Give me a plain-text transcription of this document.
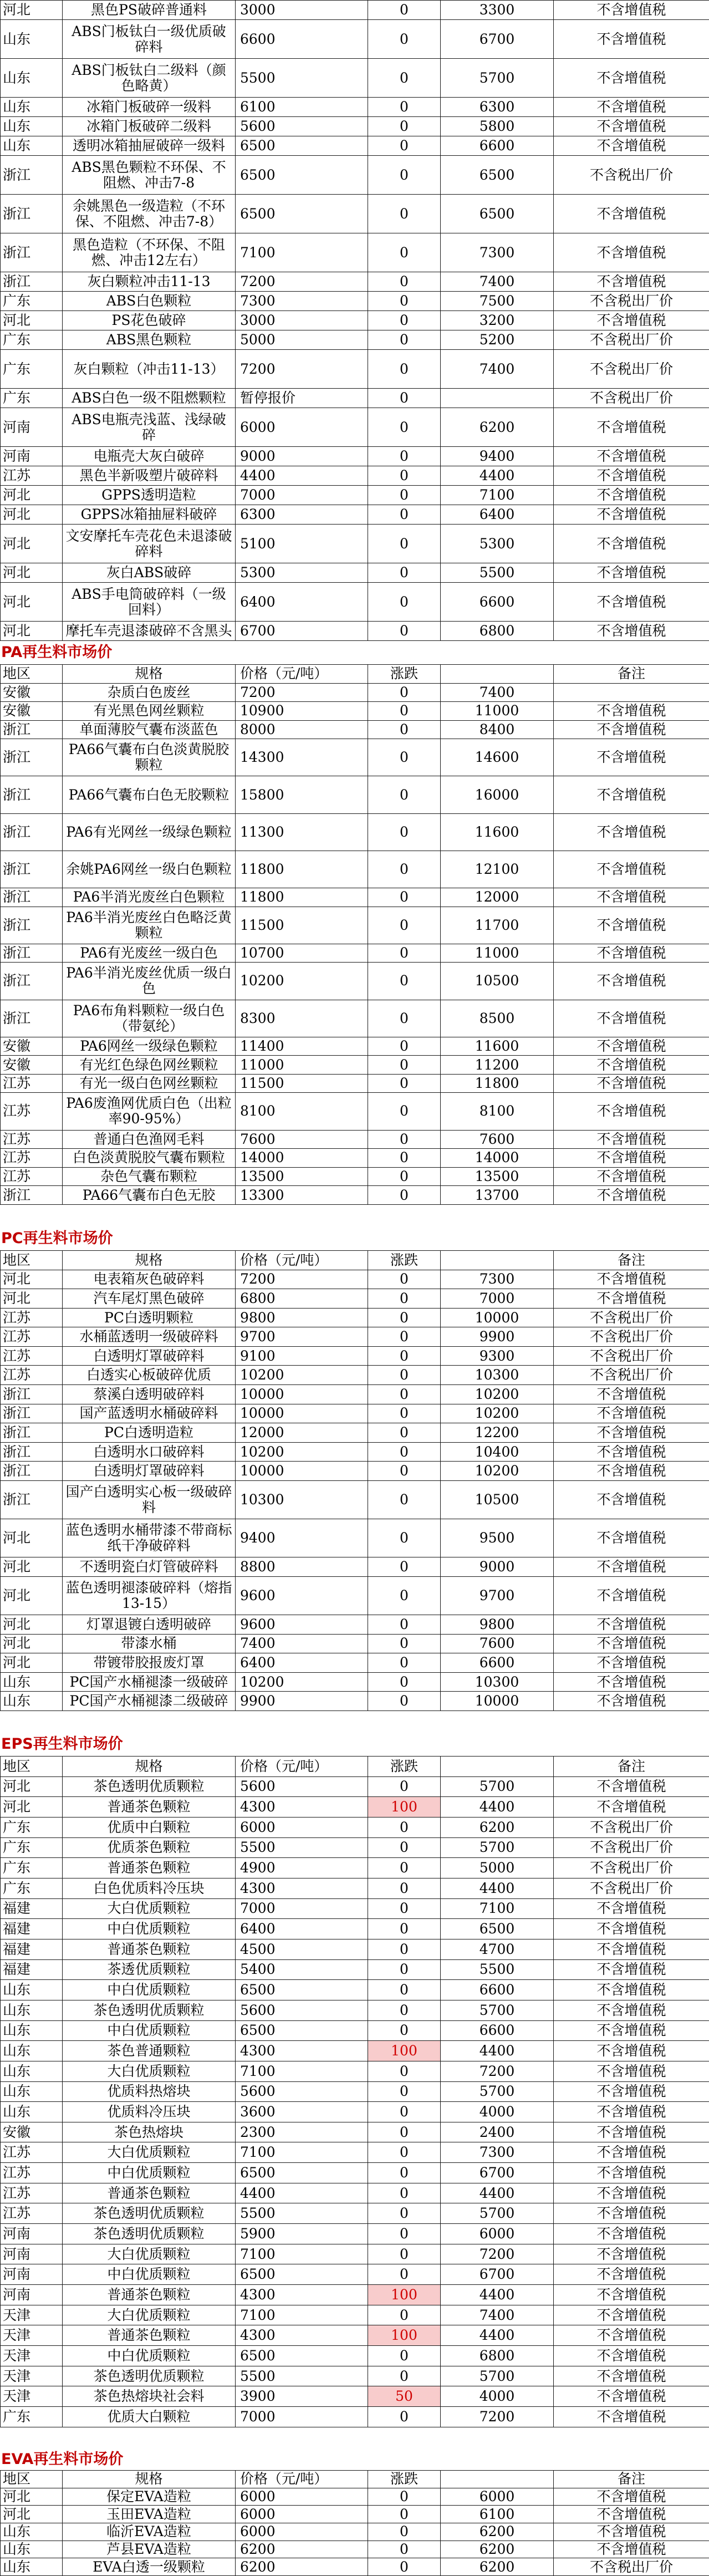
河北	黑色PS破碎普通料	3000	0	3300	不含增值税
山东	ABS门板钛白一级优质破碎料	6600	0	6700	不含增值税
山东	ABS门板钛白二级料（颜色略黄）	5500	0	5700	不含增值税
山东	冰箱门板破碎一级料	6100	0	6300	不含增值税
山东	冰箱门板破碎二级料	5600	0	5800	不含增值税
山东	透明冰箱抽屉破碎一级料	6500	0	6600	不含增值税
浙江	ABS黑色颗粒不环保、不阻燃、冲击7-8	6500	0	6500	不含税出厂价
浙江	余姚黑色一级造粒（不环保、不阻燃、冲击7-8）	6500	0	6500	不含增值税
浙江	黑色造粒（不环保、不阻燃、冲击12左右）	7100	0	7300	不含增值税
浙江	灰白颗粒冲击11-13	7200	0	7400	不含增值税
广东	ABS白色颗粒	7300	0	7500	不含税出厂价
河北	PS花色破碎	3000	0	3200	不含增值税
广东	ABS黑色颗粒	5000	0	5200	不含税出厂价
广东	灰白颗粒（冲击11-13）	7200	0	7400	不含税出厂价
广东	ABS白色一级不阻燃颗粒	暂停报价	0		不含税出厂价
河南	ABS电瓶壳浅蓝、浅绿破碎	6000	0	6200	不含增值税
河南	电瓶壳大灰白破碎	9000	0	9400	不含增值税
江苏	黑色半新吸塑片破碎料	4400	0	4400	不含增值税
河北	GPPS透明造粒	7000	0	7100	不含增值税
河北	GPPS冰箱抽屉料破碎	6300	0	6400	不含增值税
河北	文安摩托车壳花色未退漆破碎料	5100	0	5300	不含增值税
河北	灰白ABS破碎	5300	0	5500	不含增值税
河北	ABS手电筒破碎料（一级回料）	6400	0	6600	不含增值税
河北	摩托车壳退漆破碎不含黑头	6700	0	6800	不含增值税
PA再生料市场价
地区	规格	价格（元/吨）	涨跌		备注
安徽	杂质白色废丝	7200	0	7400	
安徽	有光黑色网丝颗粒	10900	0	11000	不含增值税
浙江	单面薄胶气囊布淡蓝色	8000	0	8400	不含增值税
浙江	PA66气囊布白色淡黄脱胶颗粒	14300	0	14600	不含增值税
浙江	PA66气囊布白色无胶颗粒	15800	0	16000	不含增值税
浙江	PA6有光网丝一级绿色颗粒	11300	0	11600	不含增值税
浙江	余姚PA6网丝一级白色颗粒	11800	0	12100	不含增值税
浙江	PA6半消光废丝白色颗粒	11800	0	12000	不含增值税
浙江	PA6半消光废丝白色略泛黄颗粒	11500	0	11700	不含增值税
浙江	PA6有光废丝一级白色	10700	0	11000	不含增值税
浙江	PA6半消光废丝优质一级白色	10200	0	10500	不含增值税
浙江	PA6布角料颗粒一级白色（带氨纶）	8300	0	8500	不含增值税
安徽	PA6网丝一级绿色颗粒	11400	0	11600	不含增值税
安徽	有光红色绿色网丝颗粒	11000	0	11200	不含增值税
江苏	有光一级白色网丝颗粒	11500	0	11800	不含增值税
江苏	PA6废渔网优质白色（出粒率90-95%）	8100	0	8100	不含增值税
江苏	普通白色渔网毛料	7600	0	7600	不含增值税
江苏	白色淡黄脱胶气囊布颗粒	14000	0	14000	不含增值税
江苏	杂色气囊布颗粒	13500	0	13500	不含增值税
浙江	PA66气囊布白色无胶	13300	0	13700	不含增值税
PC再生料市场价
地区	规格	价格（元/吨）	涨跌		备注
河北	电表箱灰色破碎料	7200	0	7300	不含增值税
河北	汽车尾灯黑色破碎	6800	0	7000	不含增值税
江苏	PC白透明颗粒	9800	0	10000	不含税出厂价
江苏	水桶蓝透明一级破碎料	9700	0	9900	不含税出厂价
江苏	白透明灯罩破碎料	9100	0	9300	不含税出厂价
江苏	白透实心板破碎优质	10200	0	10300	不含税出厂价
浙江	蔡溪白透明破碎料	10000	0	10200	不含增值税
浙江	国产蓝透明水桶破碎料	10000	0	10200	不含增值税
浙江	PC白透明造粒	12000	0	12200	不含增值税
浙江	白透明水口破碎料	10200	0	10400	不含增值税
浙江	白透明灯罩破碎料	10000	0	10200	不含增值税
浙江	国产白透明实心板一级破碎料	10300	0	10500	不含增值税
河北	蓝色透明水桶带漆不带商标纸干净破碎料	9400	0	9500	不含增值税
河北	不透明瓷白灯管破碎料	8800	0	9000	不含增值税
河北	蓝色透明褪漆破碎料（熔指13-15）	9600	0	9700	不含增值税
河北	灯罩退镀白透明破碎	9600	0	9800	不含增值税
河北	带漆水桶	7400	0	7600	不含增值税
河北	带镀带胶报废灯罩	6400	0	6600	不含增值税
山东	PC国产水桶褪漆一级破碎	10200	0	10300	不含增值税
山东	PC国产水桶褪漆二级破碎	9900	0	10000	不含增值税
EPS再生料市场价
地区	规格	价格（元/吨）	涨跌		备注
河北	茶色透明优质颗粒	5600	0	5700	不含增值税
河北	普通茶色颗粒	4300	100	4400	不含增值税
广东	优质中白颗粒	6000	0	6200	不含税出厂价
广东	优质茶色颗粒	5500	0	5700	不含税出厂价
广东	普通茶色颗粒	4900	0	5000	不含税出厂价
广东	白色优质料冷压块	4300	0	4400	不含税出厂价
福建	大白优质颗粒	7000	0	7100	不含增值税
福建	中白优质颗粒	6400	0	6500	不含增值税
福建	普通茶色颗粒	4500	0	4700	不含增值税
福建	茶透优质颗粒	5400	0	5500	不含增值税
山东	中白优质颗粒	6500	0	6600	不含增值税
山东	茶色透明优质颗粒	5600	0	5700	不含增值税
山东	中白优质颗粒	6500	0	6600	不含增值税
山东	茶色普通颗粒	4300	100	4400	不含增值税
山东	大白优质颗粒	7100	0	7200	不含增值税
山东	优质料热熔块	5600	0	5700	不含增值税
山东	优质料冷压块	3600	0	4000	不含增值税
安徽	茶色热熔块	2300	0	2400	不含增值税
江苏	大白优质颗粒	7100	0	7300	不含增值税
江苏	中白优质颗粒	6500	0	6700	不含增值税
江苏	普通茶色颗粒	4400	0	4400	不含增值税
江苏	茶色透明优质颗粒	5500	0	5700	不含增值税
河南	茶色透明优质颗粒	5900	0	6000	不含增值税
河南	大白优质颗粒	7100	0	7200	不含增值税
河南	中白优质颗粒	6500	0	6700	不含增值税
河南	普通茶色颗粒	4300	100	4400	不含增值税
天津	大白优质颗粒	7100	0	7400	不含增值税
天津	普通茶色颗粒	4300	100	4400	不含增值税
天津	中白优质颗粒	6500	0	6800	不含增值税
天津	茶色透明优质颗粒	5500	0	5700	不含增值税
天津	茶色热熔块社会料	3900	50	4000	不含增值税
广东	优质大白颗粒	7000	0	7200	不含增值税
EVA再生料市场价
地区	规格	价格（元/吨）	涨跌		备注
河北	保定EVA造粒	6000	0	6000	不含增值税
河北	玉田EVA造粒	6000	0	6100	不含增值税
山东	临沂EVA造粒	6000	0	6200	不含增值税
山东	芦县EVA造粒	6200	0	6200	不含增值税
山东	EVA白透一级颗粒	6200	0	6200	不含税出厂价
